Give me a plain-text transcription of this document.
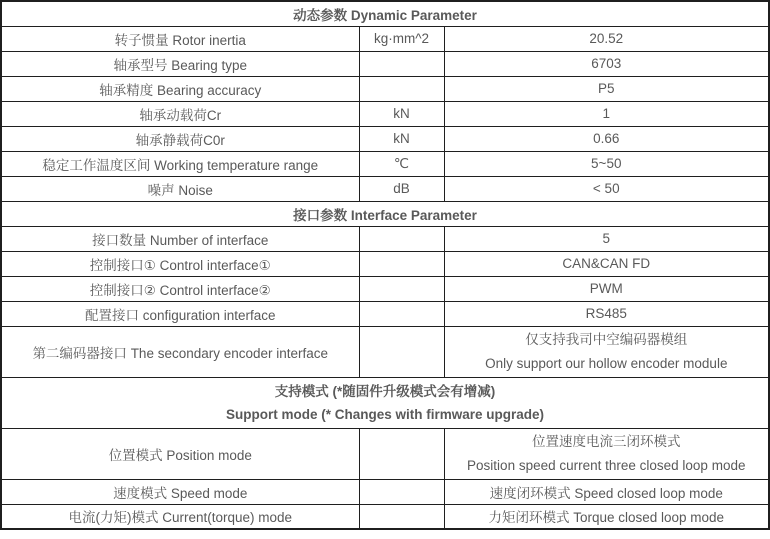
动态参数 Dynamic Parameter		
转子惯量 Rotor inertia	kg·mm^2	20.52
轴承型号 Bearing type		6703
轴承精度 Bearing accuracy		P5
轴承动载荷Cr	kN	1
轴承静载荷C0r	kN	0.66
稳定工作温度区间 Working temperature range	℃	5~50
噪声 Noise	dB	< 50
接口参数 Interface Parameter		
接口数量 Number of interface		5
控制接口① Control interface①		CAN&CAN FD
控制接口② Control interface②		PWM
配置接口 configuration interface		RS485
第二编码器接口 The secondary encoder interface		仅支持我司中空编码器模组
Only support our hollow encoder module

支持模式 (*随固件升级模式会有增减)
Support mode (* Changes with firmware upgrade)		

位置模式 Position mode		位置速度电流三闭环模式
Position speed current three closed loop mode

速度模式 Speed mode		速度闭环模式 Speed closed loop mode
电流(力矩)模式 Current(torque) mode		力矩闭环模式 Torque closed loop mode
